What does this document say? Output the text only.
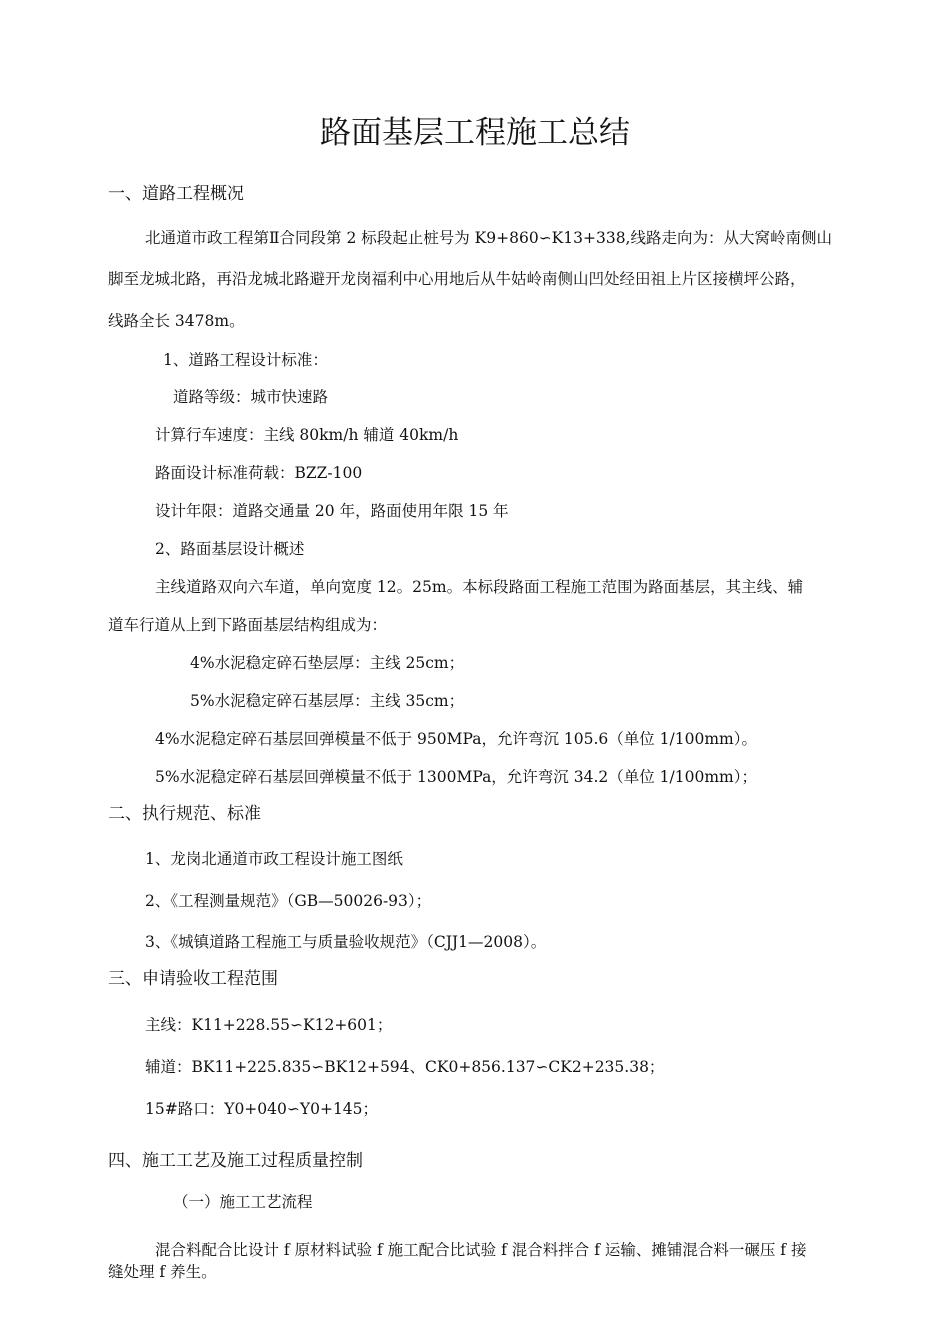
路面基层工程施工总结
一、道路工程概况
北通道市政工程第Ⅱ合同段第 2 标段起止桩号为 K9+860∽K13+338,线路走向为：从大窝岭南侧山
脚至龙城北路，再沿龙城北路避开龙岗福利中心用地后从牛姑岭南侧山凹处经田祖上片区接横坪公路，
线路全长 3478m。
1、道路工程设计标准：
道路等级：城市快速路
计算行车速度：主线 80km/h 辅道 40km/h
路面设计标准荷载：BZZ-100
设计年限：道路交通量 20 年，路面使用年限 15 年
2、路面基层设计概述
主线道路双向六车道，单向宽度 12。25m。本标段路面工程施工范围为路面基层，其主线、辅
道车行道从上到下路面基层结构组成为：
4%水泥稳定碎石垫层厚：主线 25cm；
5%水泥稳定碎石基层厚：主线 35cm；
4%水泥稳定碎石基层回弹模量不低于 950MPa，允许弯沉 105.6（单位 1/100mm）。
5%水泥稳定碎石基层回弹模量不低于 1300MPa，允许弯沉 34.2（单位 1/100mm）；
二、执行规范、标准
1、龙岗北通道市政工程设计施工图纸
2、《工程测量规范》（GB—50026-93）；
3、《城镇道路工程施工与质量验收规范》（CJJ1—2008）。
三、申请验收工程范围
主线：K11+228.55∽K12+601；
辅道：BK11+225.835∽BK12+594、CK0+856.137∽CK2+235.38；
15#路口：Y0+040∽Y0+145；
四、施工工艺及施工过程质量控制
（一）施工工艺流程
混合料配合比设计 f 原材料试验 f 施工配合比试验 f 混合料拌合 f 运输、摊铺混合料一碾压 f 接
缝处理 f 养生。
